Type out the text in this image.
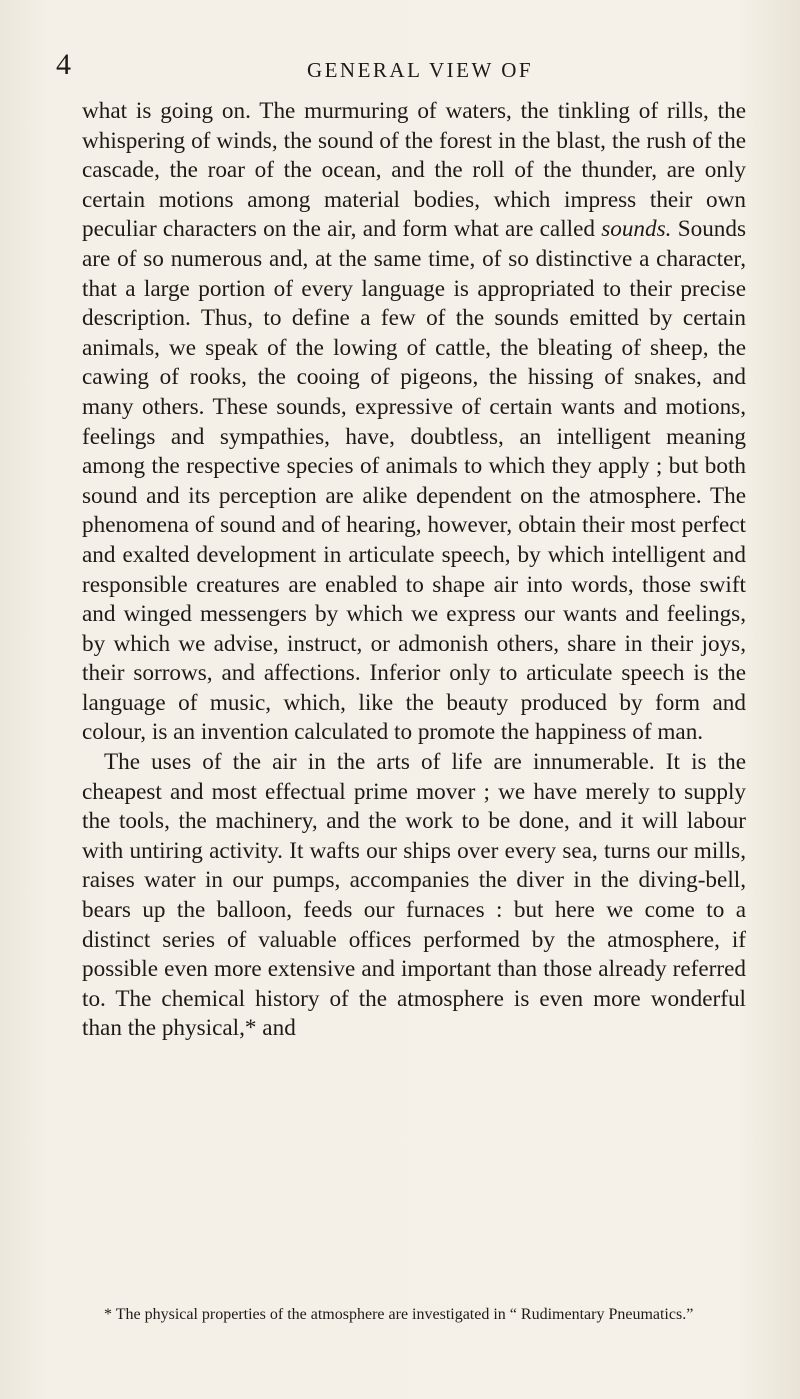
4	GENERAL VIEW OF

what is going on. The murmuring of waters, the tinkling of rills, the whispering of winds, the sound of the forest in the blast, the rush of the cascade, the roar of the ocean, and the roll of the thunder, are only certain motions among material bodies, which impress their own peculiar characters on the air, and form what are called sounds. Sounds are of so numerous and, at the same time, of so distinctive a character, that a large portion of every language is appropriated to their precise description. Thus, to define a few of the sounds emitted by certain animals, we speak of the lowing of cattle, the bleating of sheep, the cawing of rooks, the cooing of pigeons, the hissing of snakes, and many others. These sounds, expressive of certain wants and motions, feelings and sympathies, have, doubtless, an intelligent meaning among the respective species of animals to which they apply ; but both sound and its perception are alike dependent on the atmosphere. The phenomena of sound and of hearing, however, obtain their most perfect and exalted development in articulate speech, by which intelligent and responsible creatures are enabled to shape air into words, those swift and winged messengers by which we express our wants and feelings, by which we advise, instruct, or admonish others, share in their joys, their sorrows, and affections. Inferior only to articulate speech is the language of music, which, like the beauty produced by form and colour, is an invention calculated to promote the happiness of man.

The uses of the air in the arts of life are innumerable. It is the cheapest and most effectual prime mover ; we have merely to supply the tools, the machinery, and the work to be done, and it will labour with untiring activity. It wafts our ships over every sea, turns our mills, raises water in our pumps, accompanies the diver in the diving-bell, bears up the balloon, feeds our furnaces : but here we come to a distinct series of valuable offices performed by the atmosphere, if possible even more extensive and important than those already referred to. The chemical history of the atmosphere is even more wonderful than the physical,* and

* The physical properties of the atmosphere are investigated in “ Rudimentary Pneumatics.”
